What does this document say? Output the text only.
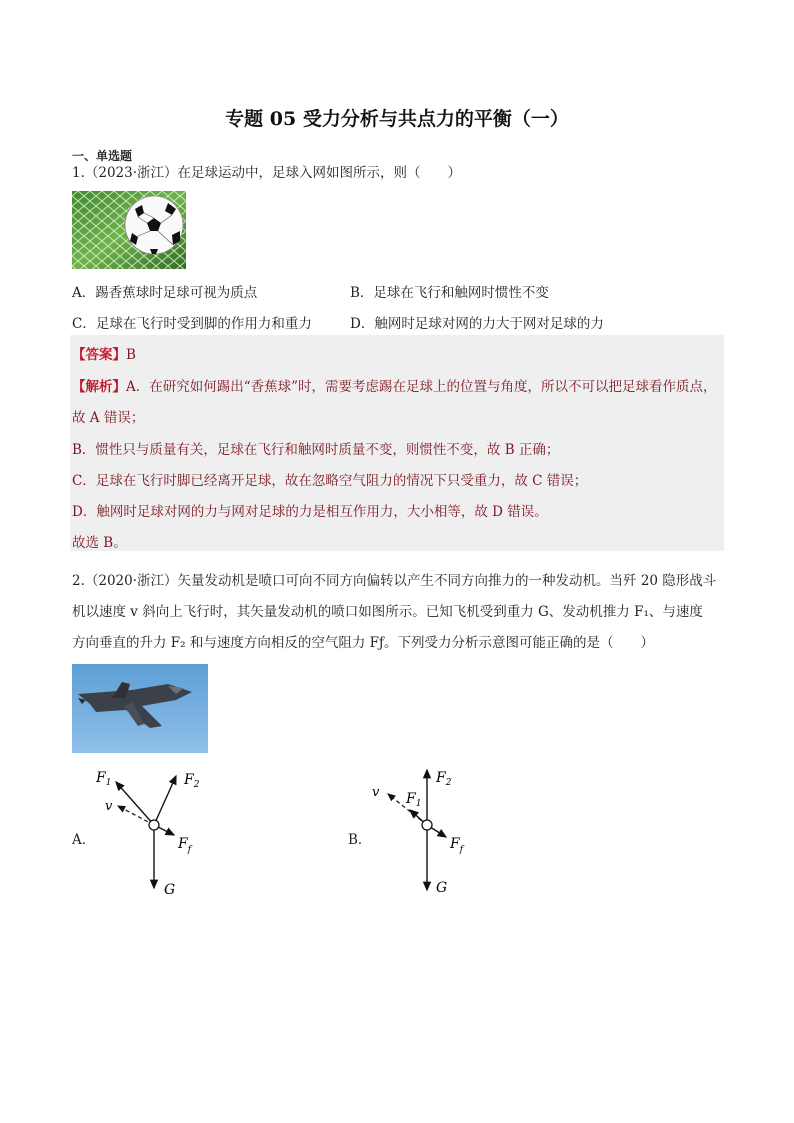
专题 05 受力分析与共点力的平衡（一）
一、单选题
1.（2023·浙江）在足球运动中，足球入网如图所示，则（　　）
A．踢香蕉球时足球可视为质点	B．足球在飞行和触网时惯性不变
C．足球在飞行时受到脚的作用力和重力	D．触网时足球对网的力大于网对足球的力
【答案】B
【解析】A．在研究如何踢出“香蕉球”时，需要考虑踢在足球上的位置与角度，所以不可以把足球看作质点，
故 A 错误；
B．惯性只与质量有关，足球在飞行和触网时质量不变，则惯性不变，故 B 正确；
C．足球在飞行时脚已经离开足球，故在忽略空气阻力的情况下只受重力，故 C 错误；
D．触网时足球对网的力与网对足球的力是相互作用力，大小相等，故 D 错误。
故选 B。
2.（2020·浙江）矢量发动机是喷口可向不同方向偏转以产生不同方向推力的一种发动机。当歼 20 隐形战斗
机以速度 v 斜向上飞行时，其矢量发动机的喷口如图所示。已知飞机受到重力 G、发动机推力 F₁、与速度
方向垂直的升力 F₂ 和与速度方向相反的空气阻力 Fƒ。下列受力分析示意图可能正确的是（　　）
A．	B．
$F_1$	$F_2$
v
$F_f$
G
$F_2$
$F_1$
v
$F_f$
G
